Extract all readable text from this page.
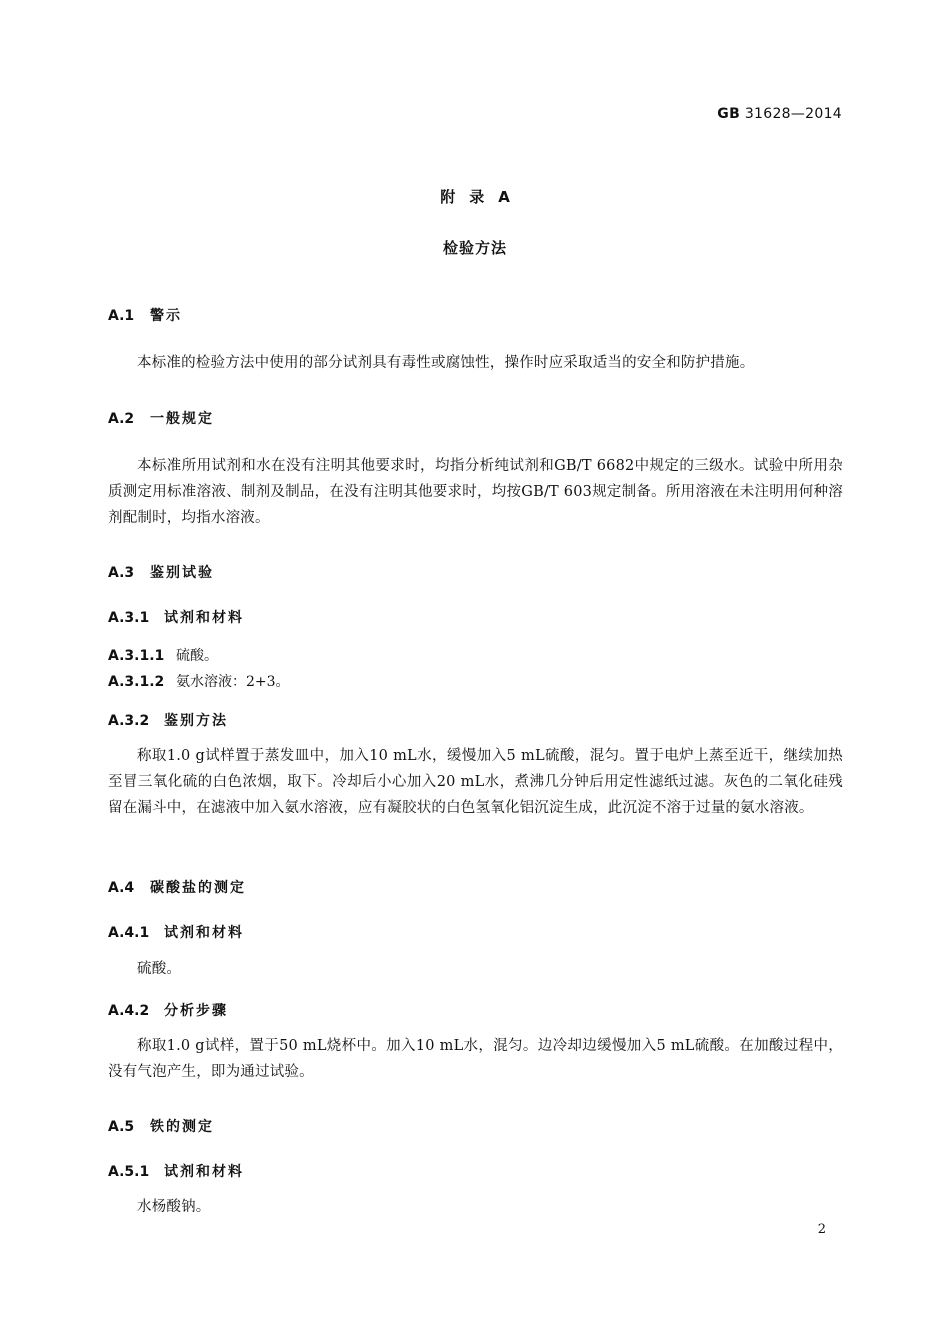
GB 31628—2014
附录A
检验方法
A.1 警示
本标准的检验方法中使用的部分试剂具有毒性或腐蚀性，操作时应采取适当的安全和防护措施。
A.2 一般规定
本标准所用试剂和水在没有注明其他要求时，均指分析纯试剂和GB/T 6682中规定的三级水。试验中所用杂质测定用标准溶液、制剂及制品，在没有注明其他要求时，均按GB/T 603规定制备。所用溶液在未注明用何种溶剂配制时，均指水溶液。
A.3 鉴别试验
A.3.1 试剂和材料
A.3.1.1 硫酸。
A.3.1.2 氨水溶液：2+3。
A.3.2 鉴别方法
称取1.0 g试样置于蒸发皿中，加入10 mL水，缓慢加入5 mL硫酸，混匀。置于电炉上蒸至近干，继续加热至冒三氧化硫的白色浓烟，取下。冷却后小心加入20 mL水，煮沸几分钟后用定性滤纸过滤。灰色的二氧化硅残留在漏斗中，在滤液中加入氨水溶液，应有凝胶状的白色氢氧化铝沉淀生成，此沉淀不溶于过量的氨水溶液。
A.4 碳酸盐的测定
A.4.1 试剂和材料
硫酸。
A.4.2 分析步骤
称取1.0 g试样，置于50 mL烧杯中。加入10 mL水，混匀。边冷却边缓慢加入5 mL硫酸。在加酸过程中，没有气泡产生，即为通过试验。
A.5 铁的测定
A.5.1 试剂和材料
水杨酸钠。
2
